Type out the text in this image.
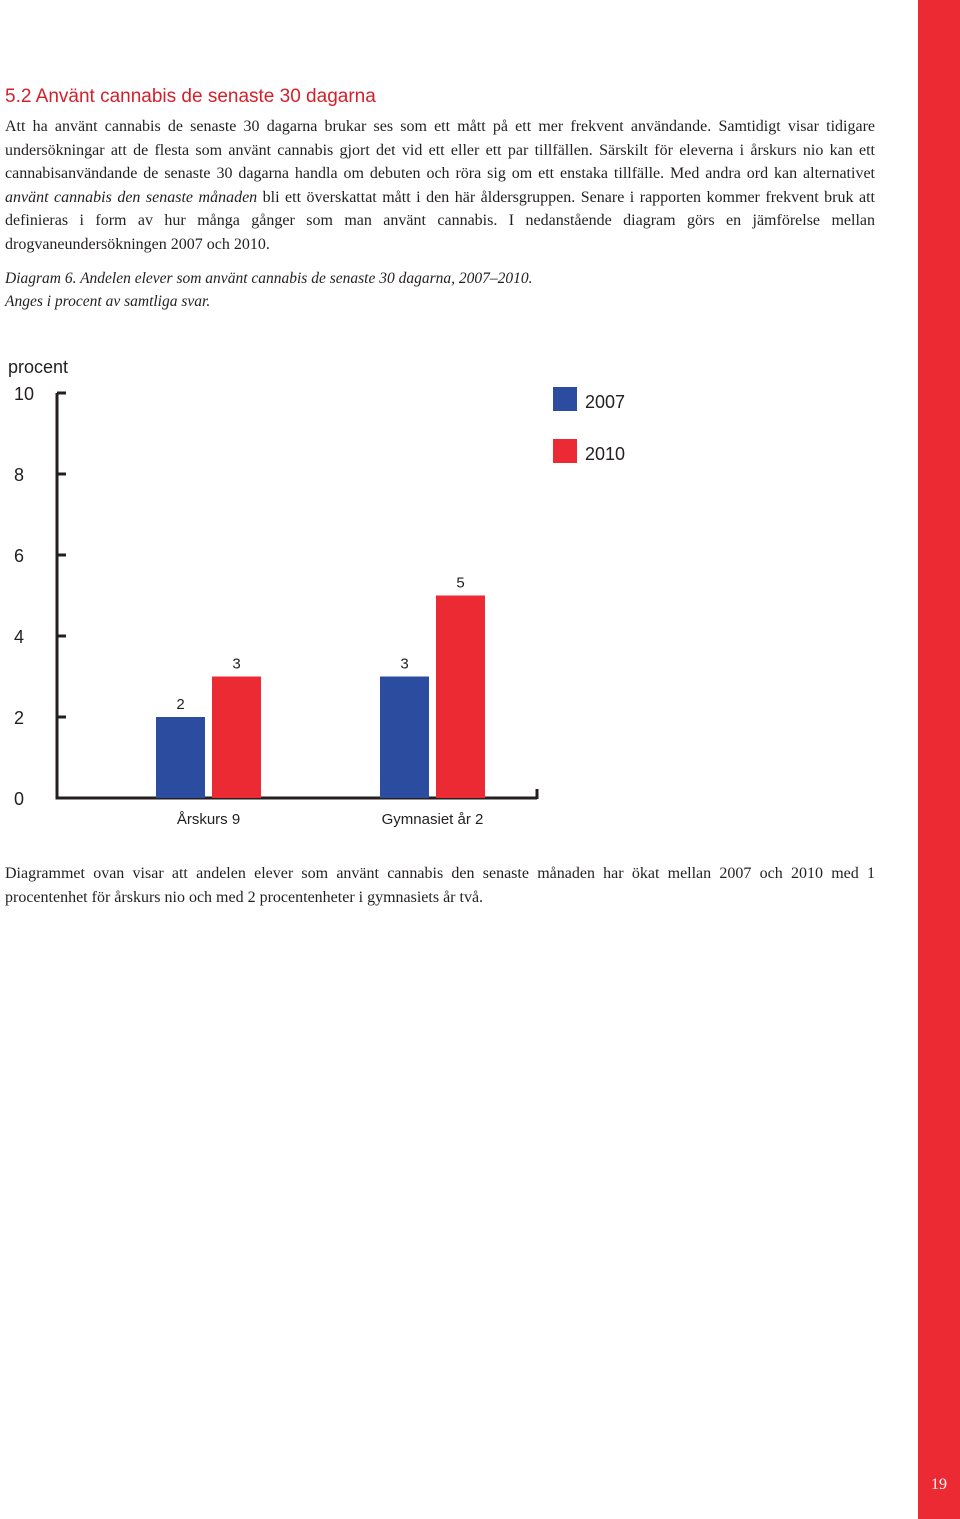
19
5.2 Använt cannabis de senaste 30 dagarna

Att ha använt cannabis de senaste 30 dagarna brukar ses som ett mått på ett mer frekvent användande. Samtidigt visar tidigare undersökningar att de flesta som använt cannabis gjort det vid ett eller ett par tillfällen. Särskilt för eleverna i årskurs nio kan ett cannabisanvändande de senaste 30 dagarna handla om debuten och röra sig om ett enstaka tillfälle. Med andra ord kan alternativet använt cannabis den senaste månaden bli ett överskattat mått i den här åldersgruppen. Senare i rapporten kommer frekvent bruk att definieras i form av hur många gånger som man använt cannabis. I nedanstående diagram görs en jämförelse mellan drogvaneundersökningen 2007 och 2010.

Diagram 6. Andelen elever som använt cannabis de senaste 30 dagarna, 2007–2010.

Anges i procent av samtliga svar.

procent
0
2
4
6
8
10
2
3
Årskurs 9
3
5
Gymnasiet år 2
2007
2010

Diagrammet ovan visar att andelen elever som använt cannabis den senaste månaden har ökat mellan 2007 och 2010 med 1 procentenhet för årskurs nio och med 2 procentenheter i gymnasiets år två.
